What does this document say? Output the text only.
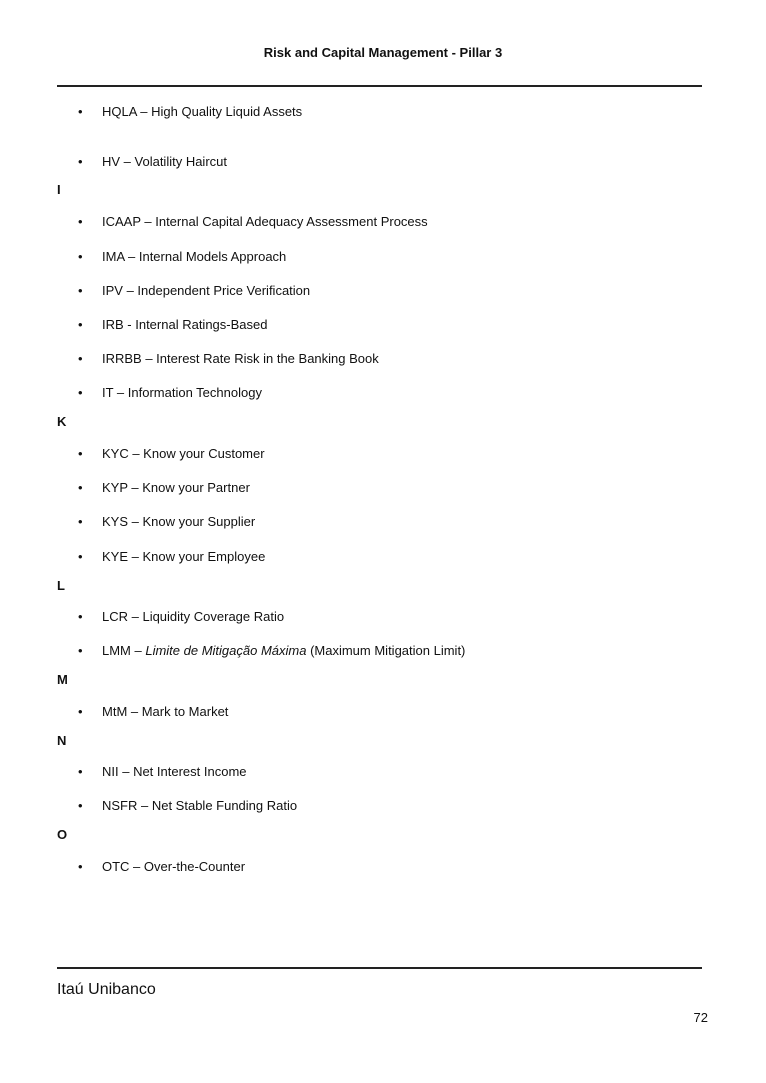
Risk and Capital Management - Pillar 3
• HQLA – High Quality Liquid Assets
• HV – Volatility Haircut
I
• ICAAP – Internal Capital Adequacy Assessment Process
• IMA – Internal Models Approach
• IPV – Independent Price Verification
• IRB - Internal Ratings-Based
• IRRBB – Interest Rate Risk in the Banking Book
• IT – Information Technology
K
• KYC – Know your Customer
• KYP – Know your Partner
• KYS – Know your Supplier
• KYE – Know your Employee
L
• LCR – Liquidity Coverage Ratio
• LMM – Limite de Mitigação Máxima (Maximum Mitigation Limit)
M
• MtM – Mark to Market
N
• NII – Net Interest Income
• NSFR – Net Stable Funding Ratio
O
• OTC – Over-the-Counter
Itaú Unibanco
72
